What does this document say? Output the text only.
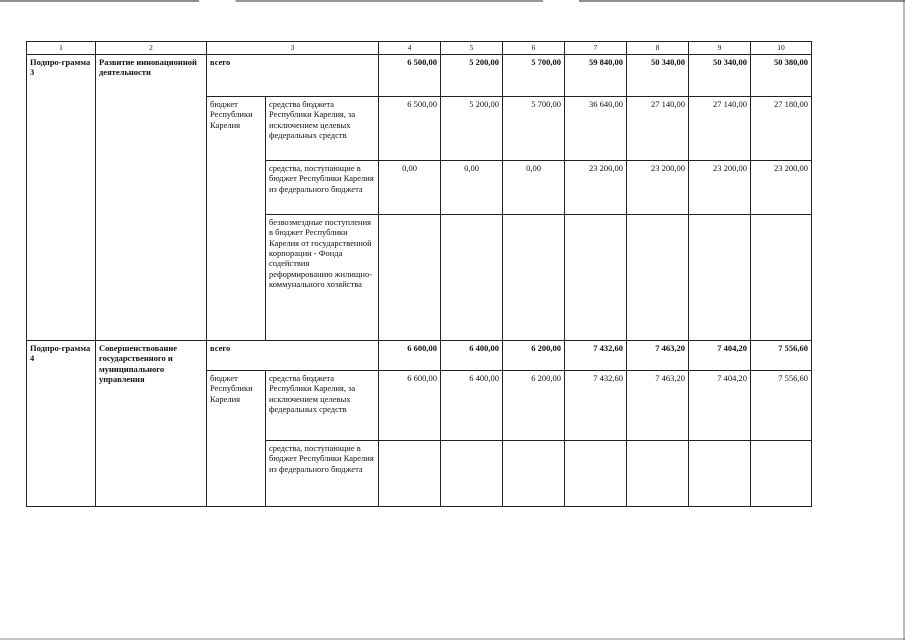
1	2	3		4	5	6	7	8	9	10
Подпро-грамма 3	Развитие инновационной деятельности	всего		6 500,00	5 200,00	5 700,00	59 840,00	50 340,00	50 340,00	50 380,00
		бюджет Республики Карелия	средства бюджета Республики Карелия, за исключением целевых федеральных средств	6 500,00	5 200,00	5 700,00	36 640,00	27 140,00	27 140,00	27 180,00
			средства, поступающие в бюджет Республики Карелия из федерального бюджета	0,00	0,00	0,00	23 200,00	23 200,00	23 200,00	23 200,00
			безвозмездные поступления в бюджет Республики Карелия от государственной корпорации - Фонда содействия реформированию жилищно-коммунального хозяйства							
Подпро-грамма 4	Совершенствование государственного и муниципального управления	всего		6 600,00	6 400,00	6 200,00	7 432,60	7 463,20	7 404,20	7 556,60
		бюджет Республики Карелия	средства бюджета Республики Карелия, за исключением целевых федеральных средств	6 600,00	6 400,00	6 200,00	7 432,60	7 463,20	7 404,20	7 556,60
			средства, поступающие в бюджет Республики Карелия из федерального бюджета							
